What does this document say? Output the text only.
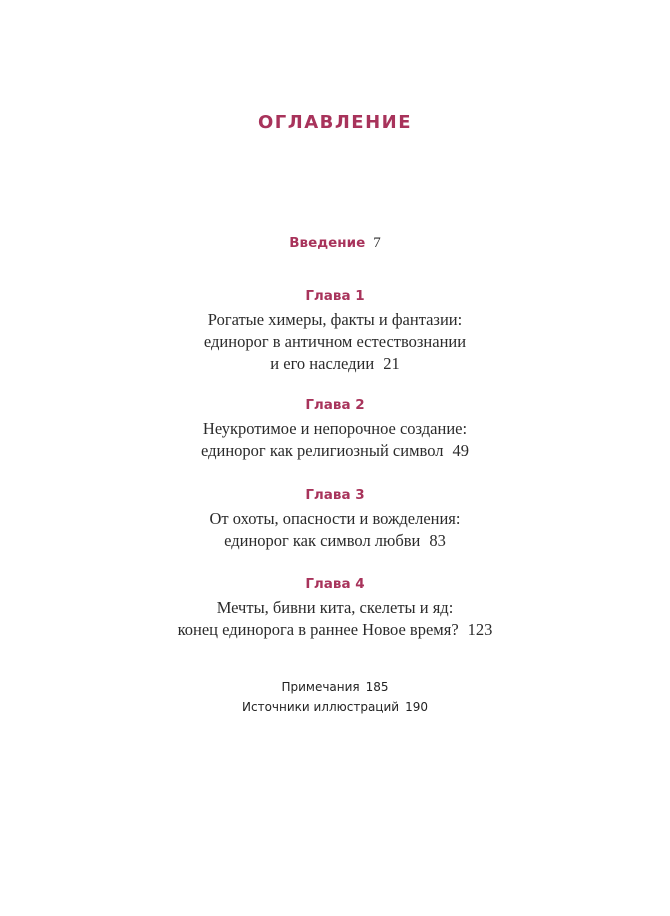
ОГЛАВЛЕНИЕ
Введение 7
Глава 1
Рогатые химеры, факты и фантазии:
единорог в античном естествознании
и его наследии 21
Глава 2
Неукротимое и непорочное создание:
единорог как религиозный символ 49
Глава 3
От охоты, опасности и вожделения:
единорог как символ любви 83
Глава 4
Мечты, бивни кита, скелеты и яд:
конец единорога в раннее Новое время? 123
Примечания 185
Источники иллюстраций 190
